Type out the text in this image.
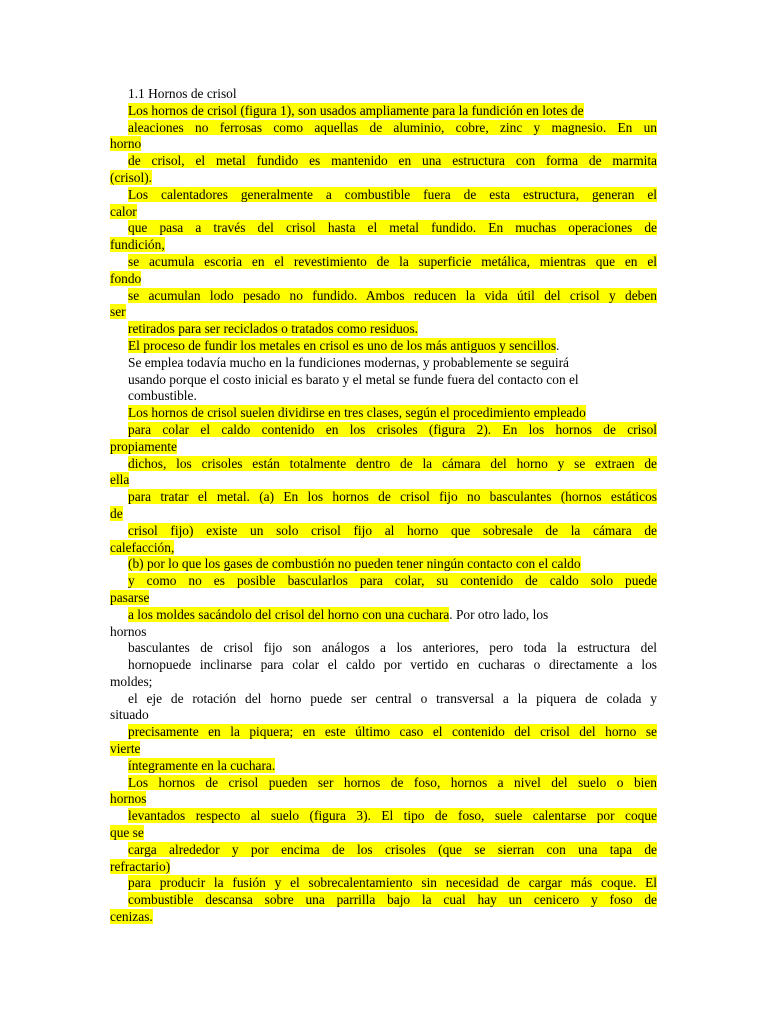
1.1 Hornos de crisol
Los hornos de crisol (figura 1), son usados ampliamente para la fundición en lotes de
aleaciones no ferrosas como aquellas de aluminio, cobre, zinc y magnesio. En un
horno
de crisol, el metal fundido es mantenido en una estructura con forma de marmita
(crisol).
Los calentadores generalmente a combustible fuera de esta estructura, generan el
calor
que pasa a través del crisol hasta el metal fundido. En muchas operaciones de
fundición,
se acumula escoria en el revestimiento de la superficie metálica, mientras que en el
fondo
se acumulan lodo pesado no fundido. Ambos reducen la vida útil del crisol y deben
ser
retirados para ser reciclados o tratados como residuos.
El proceso de fundir los metales en crisol es uno de los más antiguos y sencillos.
Se emplea todavía mucho en la fundiciones modernas, y probablemente se seguirá
usando porque el costo inicial es barato y el metal se funde fuera del contacto con el
combustible.
Los hornos de crisol suelen dividirse en tres clases, según el procedimiento empleado
para colar el caldo contenido en los crisoles (figura 2). En los hornos de crisol
propiamente
dichos, los crisoles están totalmente dentro de la cámara del horno y se extraen de
ella
para tratar el metal. (a) En los hornos de crisol fijo no basculantes (hornos estáticos
de
crisol fijo) existe un solo crisol fijo al horno que sobresale de la cámara de
calefacción,
(b) por lo que los gases de combustión no pueden tener ningún contacto con el caldo
y como no es posible bascularlos para colar, su contenido de caldo solo puede
pasarse
a los moldes sacándolo del crisol del horno con una cuchara. Por otro lado, los
hornos
basculantes de crisol fijo son análogos a los anteriores, pero toda la estructura del
hornopuede inclinarse para colar el caldo por vertido en cucharas o directamente a los
moldes;
el eje de rotación del horno puede ser central o transversal a la piquera de colada y
situado
precisamente en la piquera; en este último caso el contenido del crisol del horno se
vierte
íntegramente en la cuchara.
Los hornos de crisol pueden ser hornos de foso, hornos a nivel del suelo o bien
hornos
levantados respecto al suelo (figura 3). El tipo de foso, suele calentarse por coque
que se
carga alrededor y por encima de los crisoles (que se sierran con una tapa de
refractario)
para producir la fusión y el sobrecalentamiento sin necesidad de cargar más coque. El
combustible descansa sobre una parrilla bajo la cual hay un cenicero y foso de
cenizas.
